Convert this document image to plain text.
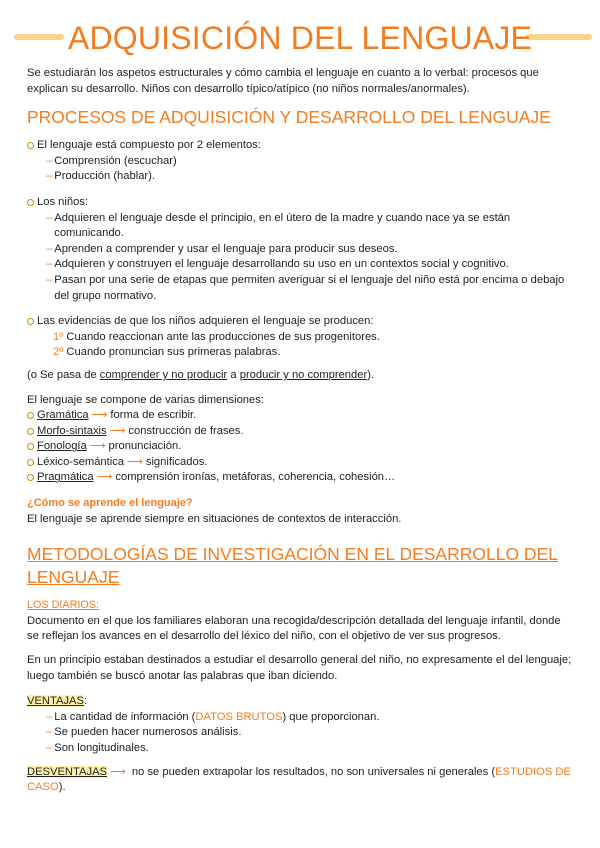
ADQUISICIÓN DEL LENGUAJE

Se estudiarán los aspetos estructurales y cómo cambia el lenguaje en cuanto a lo verbal: procesos que explican su desarrollo. Niños con desarrollo típico/atípico (no niños normales/anormales).

PROCESOS DE ADQUISICIÓN Y DESARROLLO DEL LENGUAJE
El lenguaje está compuesto por 2 elementos:
– Comprensión (escuchar)
– Producción (hablar).
Los niños:
– Adquieren el lenguaje desde el principio, en el útero de la madre y cuando nace ya se están comunicando.
– Aprenden a comprender y usar el lenguaje para producir sus deseos.
– Adquieren y construyen el lenguaje desarrollando su uso en un contextos social y cognitivo.
– Pasan por una serie de etapas que permiten averiguar si el lenguaje del niño está por encima o debajo del grupo normativo.
Las evidencias de que los niños adquieren el lenguaje se producen:
1º Cuando reaccionan ante las producciones de sus progenitores.
2º Cuando pronuncian sus primeras palabras.

(o Se pasa de comprender y no producir a producir y no comprender).

El lenguaje se compone de varias dimensiones:

Gramática ⟶ forma de escribir.
Morfo-sintaxis ⟶ construcción de frases.
Fonología ⟶ pronunciación.
Léxico-semántica ⟶ significados.
Pragmática ⟶ comprensión ironías, metáforas, coherencia, cohesión…

¿Cómo se aprende el lenguaje?

El lenguaje se aprende siempre en situaciones de contextos de interacción.

METODOLOGÍAS DE INVESTIGACIÓN EN EL DESARROLLO DEL LENGUAJE

LOS DIARIOS:

Documento en el que los familiares elaboran una recogida/descripción detallada del lenguaje infantil, donde se reflejan los avances en el desarrollo del léxico del niño, con el objetivo de ver sus progresos.

En un principio estaban destinados a estudiar el desarrollo general del niño, no expresamente el del lenguaje; luego también se buscó anotar las palabras que iban diciendo.

VENTAJAS:

– La cantidad de información (DATOS BRUTOS) que proporcionan.
– Se pueden hacer numerosos análisis.
– Son longitudinales.

DESVENTAJAS ⟶ no se pueden extrapolar los resultados, no son universales ni generales (ESTUDIOS DE CASO).
